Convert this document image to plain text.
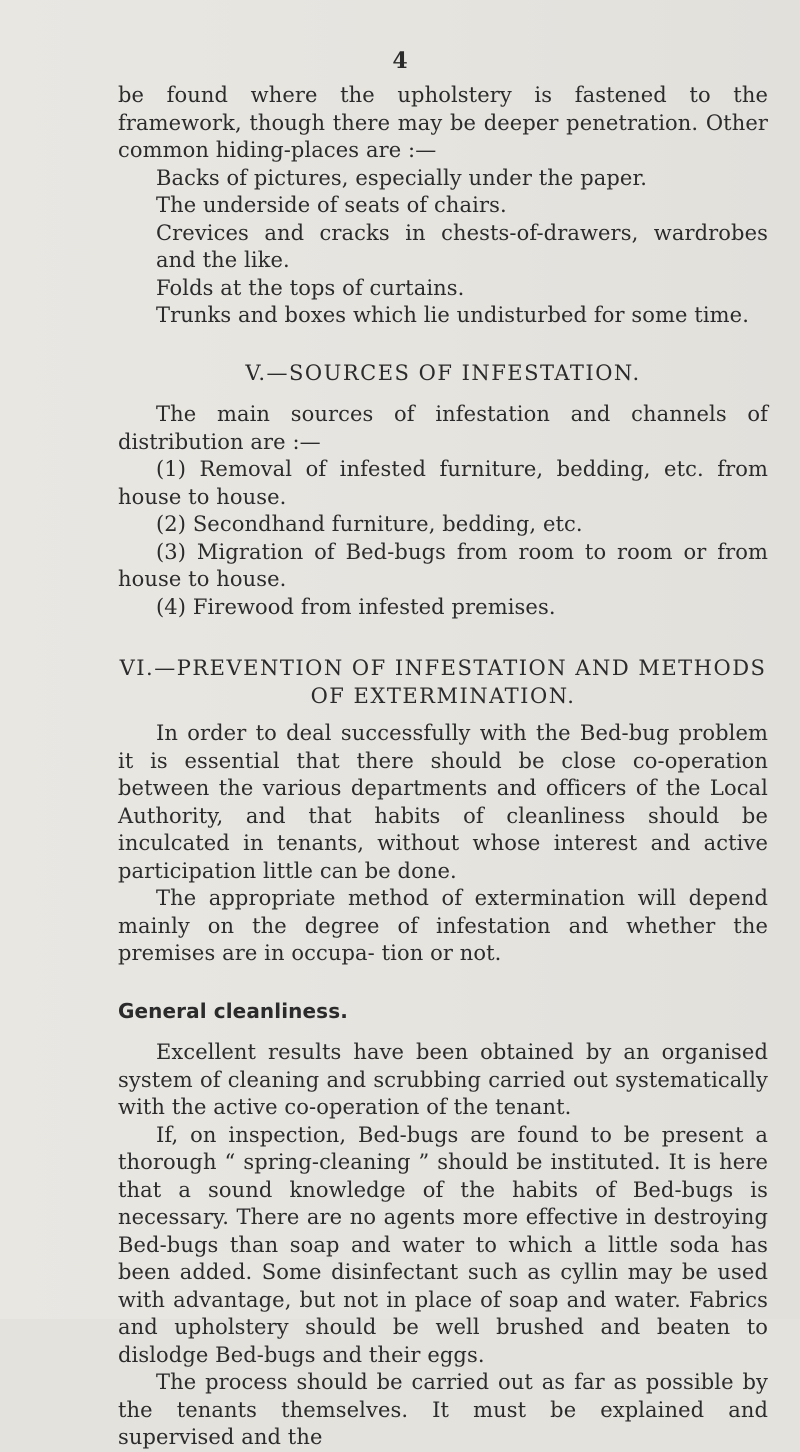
4

be found where the upholstery is fastened to the framework, though there may be deeper penetration. Other common hiding-places are :—

Backs of pictures, especially under the paper.

The underside of seats of chairs.

Crevices and cracks in chests-of-drawers, wardrobes and the like.

Folds at the tops of curtains.

Trunks and boxes which lie undisturbed for some time.

V.—SOURCES OF INFESTATION.

The main sources of infestation and channels of distribution are :—

(1) Removal of infested furniture, bedding, etc. from house to house.

(2) Secondhand furniture, bedding, etc.

(3) Migration of Bed-bugs from room to room or from house to house.

(4) Firewood from infested premises.

VI.—PREVENTION OF INFESTATION AND METHODS
OF EXTERMINATION.

In order to deal successfully with the Bed-bug problem it is essential that there should be close co-operation between the various departments and officers of the Local Authority, and that habits of cleanliness should be inculcated in tenants, without whose interest and active participation little can be done.

The appropriate method of extermination will depend mainly on the degree of infestation and whether the premises are in occupa- tion or not.

General cleanliness.

Excellent results have been obtained by an organised system of cleaning and scrubbing carried out systematically with the active co-operation of the tenant.

If, on inspection, Bed-bugs are found to be present a thorough “ spring-cleaning ” should be instituted. It is here that a sound knowledge of the habits of Bed-bugs is necessary. There are no agents more effective in destroying Bed-bugs than soap and water to which a little soda has been added. Some disinfectant such as cyllin may be used with advantage, but not in place of soap and water. Fabrics and upholstery should be well brushed and beaten to dislodge Bed-bugs and their eggs.

The process should be carried out as far as possible by the tenants themselves. It must be explained and supervised and the
